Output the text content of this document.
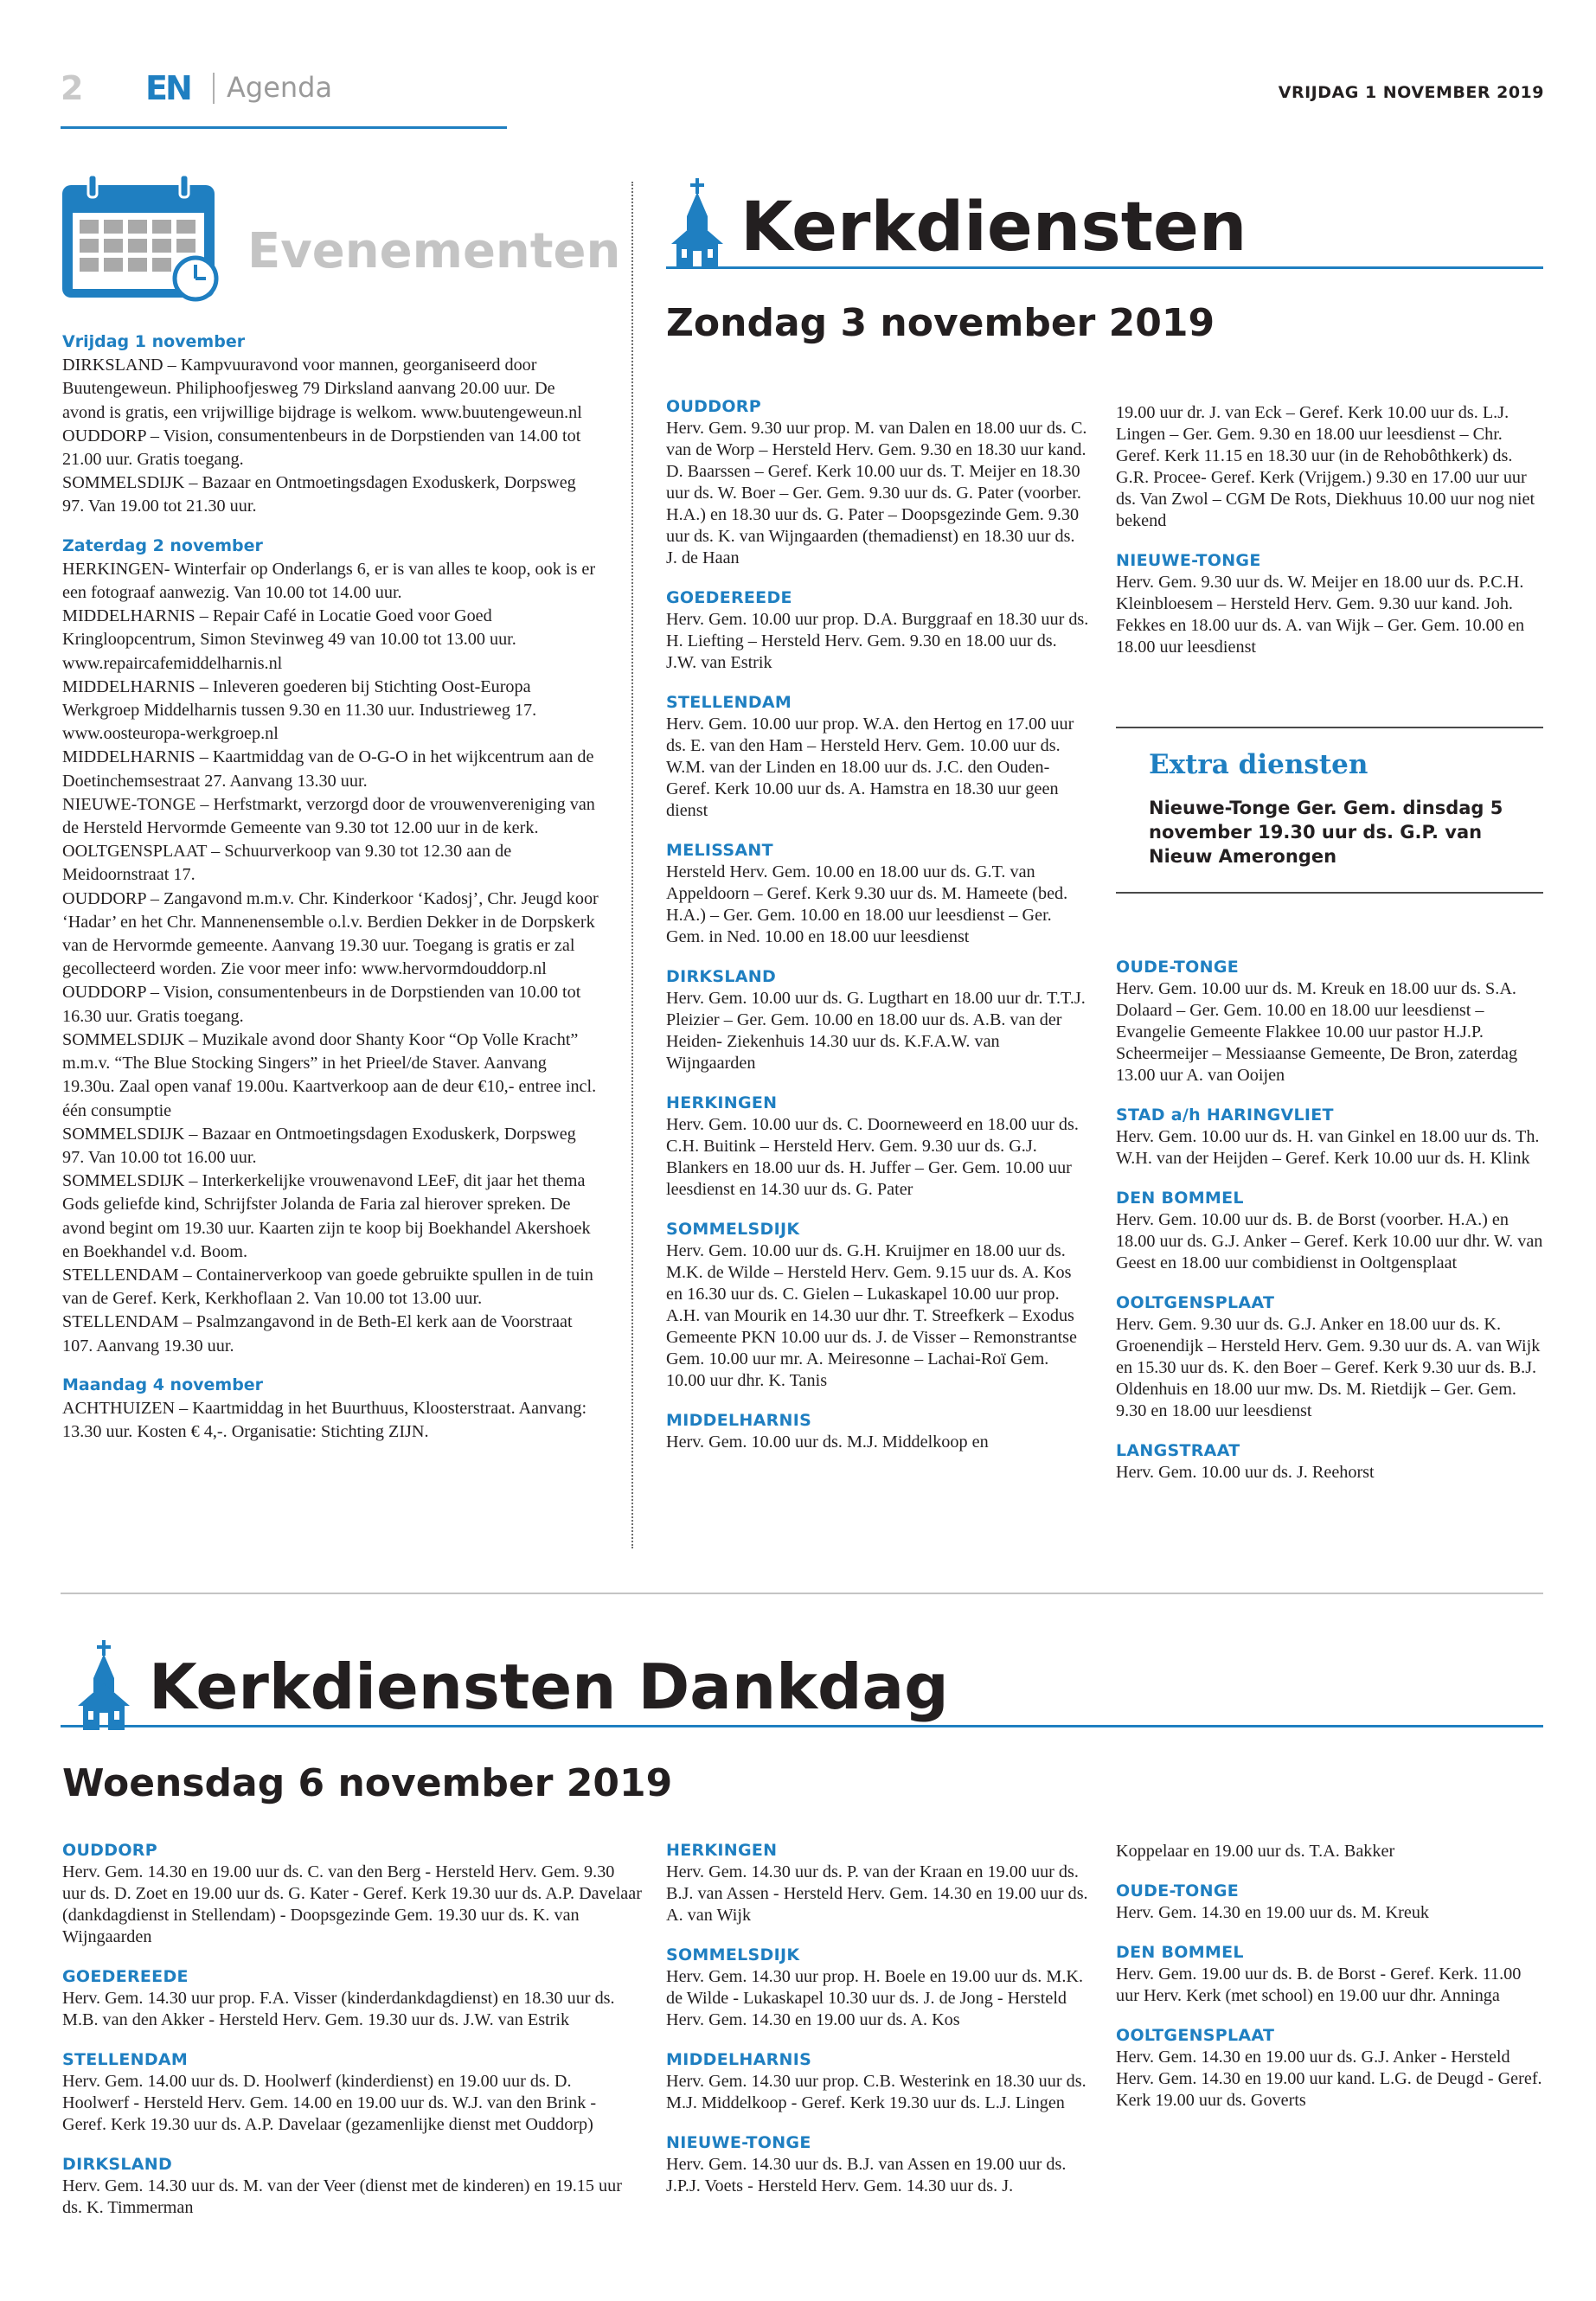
2 EN Agenda	VRIJDAG 1 NOVEMBER 2019
Evenementen
Vrijdag 1 november
DIRKSLAND – Kampvuuravond voor mannen, georganiseerd door Buutengeweun. Philiphoofjesweg 79 Dirksland aanvang 20.00 uur. De avond is gratis, een vrijwillige bijdrage is welkom. www.buutengeweun.nl
OUDDORP – Vision, consumentenbeurs in de Dorpstienden van 14.00 tot 21.00 uur. Gratis toegang.
SOMMELSDIJK – Bazaar en Ontmoetingsdagen Exoduskerk, Dorpsweg 97. Van 19.00 tot 21.30 uur.
Zaterdag 2 november
HERKINGEN- Winterfair op Onderlangs 6, er is van alles te koop, ook is er een fotograaf aanwezig. Van 10.00 tot 14.00 uur.
MIDDELHARNIS – Repair Café in Locatie Goed voor Goed Kringloopcentrum, Simon Stevinweg 49 van 10.00 tot 13.00 uur. www.repaircafemiddelharnis.nl
MIDDELHARNIS – Inleveren goederen bij Stichting Oost-Europa Werkgroep Middelharnis tussen 9.30 en 11.30 uur. Industrieweg 17. www.oosteuropa-werkgroep.nl
MIDDELHARNIS – Kaartmiddag van de O-G-O in het wijkcentrum aan de Doetinchemsestraat 27. Aanvang 13.30 uur.
NIEUWE-TONGE – Herfstmarkt, verzorgd door de vrouwenvereniging van de Hersteld Hervormde Gemeente van 9.30 tot 12.00 uur in de kerk.
OOLTGENSPLAAT – Schuurverkoop van 9.30 tot 12.30 aan de Meidoornstraat 17.
OUDDORP – Zangavond m.m.v. Chr. Kinderkoor ‘Kadosj’, Chr. Jeugd koor ‘Hadar’ en het Chr. Mannenensemble o.l.v. Berdien Dekker in de Dorpskerk van de Hervormde gemeente. Aanvang 19.30 uur. Toegang is gratis er zal gecollecteerd worden. Zie voor meer info: www.hervormdouddorp.nl
OUDDORP – Vision, consumentenbeurs in de Dorpstienden van 10.00 tot 16.30 uur. Gratis toegang.
SOMMELSDIJK – Muzikale avond door Shanty Koor “Op Volle Kracht” m.m.v. “The Blue Stocking Singers” in het Prieel/de Staver. Aanvang 19.30u. Zaal open vanaf 19.00u. Kaartverkoop aan de deur €10,- entree incl. één consumptie
SOMMELSDIJK – Bazaar en Ontmoetingsdagen Exoduskerk, Dorpsweg 97. Van 10.00 tot 16.00 uur.
SOMMELSDIJK – Interkerkelijke vrouwenavond LEeF, dit jaar het thema Gods geliefde kind, Schrijfster Jolanda de Faria zal hierover spreken. De avond begint om 19.30 uur. Kaarten zijn te koop bij Boekhandel Akershoek en Boekhandel v.d. Boom.
STELLENDAM – Containerverkoop van goede gebruikte spullen in de tuin van de Geref. Kerk, Kerkhoflaan 2. Van 10.00 tot 13.00 uur.
STELLENDAM – Psalmzangavond in de Beth-El kerk aan de Voorstraat 107. Aanvang 19.30 uur.
Maandag 4 november
ACHTHUIZEN – Kaartmiddag in het Buurthuus, Kloosterstraat. Aanvang: 13.30 uur. Kosten € 4,-. Organisatie: Stichting ZIJN.
Kerkdiensten
Zondag 3 november 2019
OUDDORP
Herv. Gem. 9.30 uur prop. M. van Dalen en 18.00 uur ds. C. van de Worp – Hersteld Herv. Gem. 9.30 en 18.30 uur kand. D. Baarssen – Geref. Kerk 10.00 uur ds. T. Meijer en 18.30 uur ds. W. Boer – Ger. Gem. 9.30 uur ds. G. Pater (voorber. H.A.) en 18.30 uur ds. G. Pater – Doopsgezinde Gem. 9.30 uur ds. K. van Wijngaarden (themadienst) en 18.30 uur ds. J. de Haan
GOEDEREEDE
Herv. Gem. 10.00 uur prop. D.A. Burggraaf en 18.30 uur ds. H. Liefting – Hersteld Herv. Gem. 9.30 en 18.00 uur ds. J.W. van Estrik
STELLENDAM
Herv. Gem. 10.00 uur prop. W.A. den Hertog en 17.00 uur ds. E. van den Ham – Hersteld Herv. Gem. 10.00 uur ds. W.M. van der Linden en 18.00 uur ds. J.C. den Ouden- Geref. Kerk 10.00 uur ds. A. Hamstra en 18.30 uur geen dienst
MELISSANT
Hersteld Herv. Gem. 10.00 en 18.00 uur ds. G.T. van Appeldoorn – Geref. Kerk 9.30 uur ds. M. Hameete (bed. H.A.) – Ger. Gem. 10.00 en 18.00 uur leesdienst – Ger. Gem. in Ned. 10.00 en 18.00 uur leesdienst
DIRKSLAND
Herv. Gem. 10.00 uur ds. G. Lugthart en 18.00 uur dr. T.T.J. Pleizier – Ger. Gem. 10.00 en 18.00 uur ds. A.B. van der Heiden- Ziekenhuis 14.30 uur ds. K.F.A.W. van Wijngaarden
HERKINGEN
Herv. Gem. 10.00 uur ds. C. Doorneweerd en 18.00 uur ds. C.H. Buitink – Hersteld Herv. Gem. 9.30 uur ds. G.J. Blankers en 18.00 uur ds. H. Juffer – Ger. Gem. 10.00 uur leesdienst en 14.30 uur ds. G. Pater
SOMMELSDIJK
Herv. Gem. 10.00 uur ds. G.H. Kruijmer en 18.00 uur ds. M.K. de Wilde – Hersteld Herv. Gem. 9.15 uur ds. A. Kos en 16.30 uur ds. C. Gielen – Lukaskapel 10.00 uur prop. A.H. van Mourik en 14.30 uur dhr. T. Streefkerk – Exodus Gemeente PKN 10.00 uur ds. J. de Visser – Remonstrantse Gem. 10.00 uur mr. A. Meiresonne – Lachai-Roï Gem. 10.00 uur dhr. K. Tanis
MIDDELHARNIS
Herv. Gem. 10.00 uur ds. M.J. Middelkoop en
19.00 uur dr. J. van Eck – Geref. Kerk 10.00 uur ds. L.J. Lingen – Ger. Gem. 9.30 en 18.00 uur leesdienst – Chr. Geref. Kerk 11.15 en 18.30 uur (in de Rehobôthkerk) ds. G.R. Procee- Geref. Kerk (Vrijgem.) 9.30 en 17.00 uur uur ds. Van Zwol – CGM De Rots, Diekhuus 10.00 uur nog niet bekend
NIEUWE-TONGE
Herv. Gem. 9.30 uur ds. W. Meijer en 18.00 uur ds. P.C.H. Kleinbloesem – Hersteld Herv. Gem. 9.30 uur kand. Joh. Fekkes en 18.00 uur ds. A. van Wijk – Ger. Gem. 10.00 en 18.00 uur leesdienst
Extra diensten
Nieuwe-Tonge Ger. Gem. dinsdag 5 november 19.30 uur ds. G.P. van Nieuw Amerongen
OUDE-TONGE
Herv. Gem. 10.00 uur ds. M. Kreuk en 18.00 uur ds. S.A. Dolaard – Ger. Gem. 10.00 en 18.00 uur leesdienst – Evangelie Gemeente Flakkee 10.00 uur pastor H.J.P. Scheermeijer – Messiaanse Gemeente, De Bron, zaterdag 13.00 uur A. van Ooijen
STAD a/h HARINGVLIET
Herv. Gem. 10.00 uur ds. H. van Ginkel en 18.00 uur ds. Th. W.H. van der Heijden – Geref. Kerk 10.00 uur ds. H. Klink
DEN BOMMEL
Herv. Gem. 10.00 uur ds. B. de Borst (voorber. H.A.) en 18.00 uur ds. G.J. Anker – Geref. Kerk 10.00 uur dhr. W. van Geest en 18.00 uur combidienst in Ooltgensplaat
OOLTGENSPLAAT
Herv. Gem. 9.30 uur ds. G.J. Anker en 18.00 uur ds. K. Groenendijk – Hersteld Herv. Gem. 9.30 uur ds. A. van Wijk en 15.30 uur ds. K. den Boer – Geref. Kerk 9.30 uur ds. B.J. Oldenhuis en 18.00 uur mw. Ds. M. Rietdijk – Ger. Gem. 9.30 en 18.00 uur leesdienst
LANGSTRAAT
Herv. Gem. 10.00 uur ds. J. Reehorst
Kerkdiensten Dankdag
Woensdag 6 november 2019
OUDDORP
Herv. Gem. 14.30 en 19.00 uur ds. C. van den Berg - Hersteld Herv. Gem. 9.30 uur ds. D. Zoet en 19.00 uur ds. G. Kater - Geref. Kerk 19.30 uur ds. A.P. Davelaar (dankdagdienst in Stellendam) - Doopsgezinde Gem. 19.30 uur ds. K. van Wijngaarden
GOEDEREEDE
Herv. Gem. 14.30 uur prop. F.A. Visser (kinderdankdagdienst) en 18.30 uur ds. M.B. van den Akker - Hersteld Herv. Gem. 19.30 uur ds. J.W. van Estrik
STELLENDAM
Herv. Gem. 14.00 uur ds. D. Hoolwerf (kinderdienst) en 19.00 uur ds. D. Hoolwerf - Hersteld Herv. Gem. 14.00 en 19.00 uur ds. W.J. van den Brink - Geref. Kerk 19.30 uur ds. A.P. Davelaar (gezamenlijke dienst met Ouddorp)
DIRKSLAND
Herv. Gem. 14.30 uur ds. M. van der Veer (dienst met de kinderen) en 19.15 uur ds. K. Timmerman
HERKINGEN
Herv. Gem. 14.30 uur ds. P. van der Kraan en 19.00 uur ds. B.J. van Assen - Hersteld Herv. Gem. 14.30 en 19.00 uur ds. A. van Wijk
SOMMELSDIJK
Herv. Gem. 14.30 uur prop. H. Boele en 19.00 uur ds. M.K. de Wilde - Lukaskapel 10.30 uur ds. J. de Jong - Hersteld Herv. Gem. 14.30 en 19.00 uur ds. A. Kos
MIDDELHARNIS
Herv. Gem. 14.30 uur prop. C.B. Westerink en 18.30 uur ds. M.J. Middelkoop - Geref. Kerk 19.30 uur ds. L.J. Lingen
NIEUWE-TONGE
Herv. Gem. 14.30 uur ds. B.J. van Assen en 19.00 uur ds. J.P.J. Voets - Hersteld Herv. Gem. 14.30 uur ds. J.
Koppelaar en 19.00 uur ds. T.A. Bakker
OUDE-TONGE
Herv. Gem. 14.30 en 19.00 uur ds. M. Kreuk
DEN BOMMEL
Herv. Gem. 19.00 uur ds. B. de Borst - Geref. Kerk. 11.00 uur Herv. Kerk (met school) en 19.00 uur dhr. Anninga
OOLTGENSPLAAT
Herv. Gem. 14.30 en 19.00 uur ds. G.J. Anker - Hersteld Herv. Gem. 14.30 en 19.00 uur kand. L.G. de Deugd - Geref. Kerk 19.00 uur ds. Goverts
